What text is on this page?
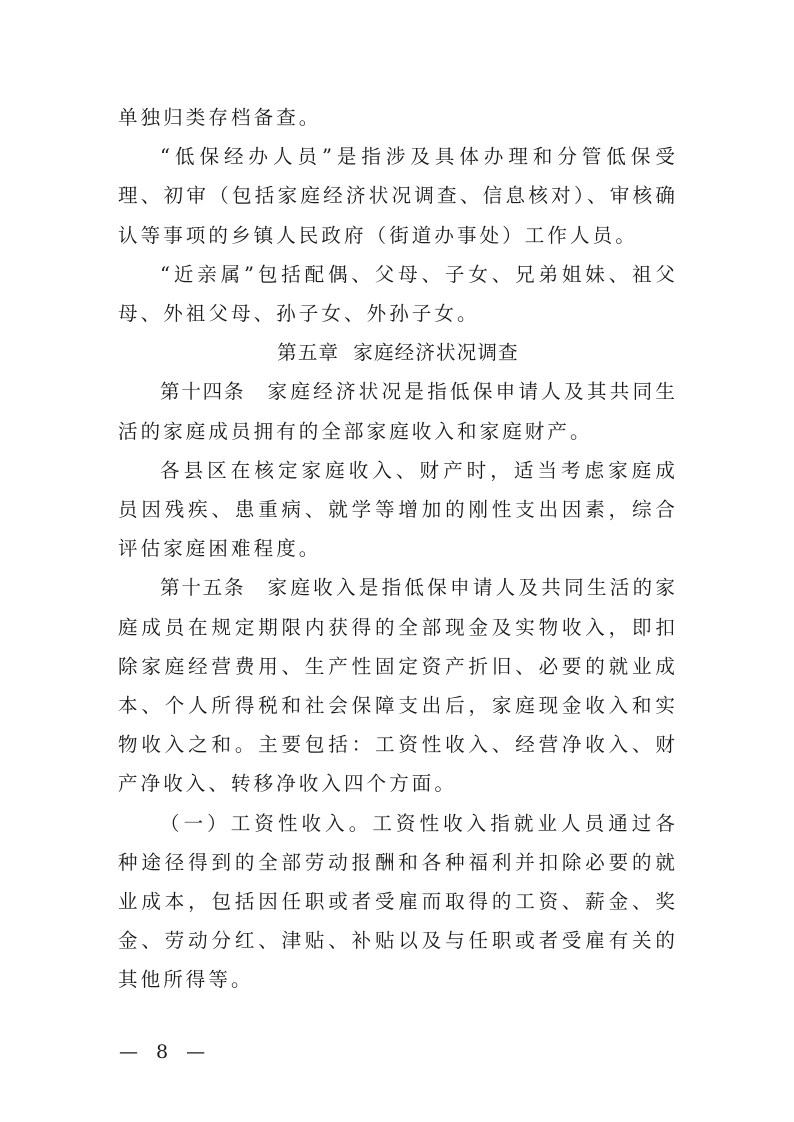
单独归类存档备查。

“低保经办人员”是指涉及具体办理和分管低保受理、初审（包括家庭经济状况调查、信息核对）、审核确认等事项的乡镇人民政府（街道办事处）工作人员。

“近亲属”包括配偶、父母、子女、兄弟姐妹、祖父母、外祖父母、孙子女、外孙子女。

第五章 家庭经济状况调查

第十四条 家庭经济状况是指低保申请人及其共同生活的家庭成员拥有的全部家庭收入和家庭财产。

各县区在核定家庭收入、财产时，适当考虑家庭成员因残疾、患重病、就学等增加的刚性支出因素，综合评估家庭困难程度。

第十五条 家庭收入是指低保申请人及共同生活的家庭成员在规定期限内获得的全部现金及实物收入，即扣除家庭经营费用、生产性固定资产折旧、必要的就业成本、个人所得税和社会保障支出后，家庭现金收入和实物收入之和。主要包括：工资性收入、经营净收入、财产净收入、转移净收入四个方面。

（一）工资性收入。工资性收入指就业人员通过各种途径得到的全部劳动报酬和各种福利并扣除必要的就业成本，包括因任职或者受雇而取得的工资、薪金、奖金、劳动分红、津贴、补贴以及与任职或者受雇有关的其他所得等。

— 8 —
